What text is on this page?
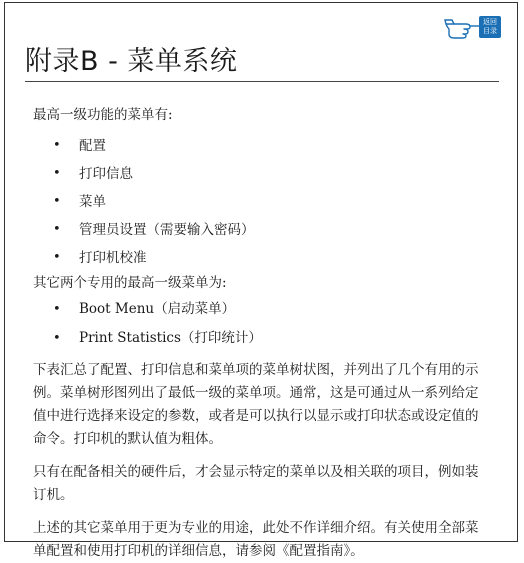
返回
目录
附录B - 菜单系统

最高一级功能的菜单有:

• 配置
• 打印信息
• 菜单
• 管理员设置（需要输入密码）
• 打印机校准

其它两个专用的最高一级菜单为:

• Boot Menu（启动菜单）
• Print Statistics（打印统计）

下表汇总了配置、打印信息和菜单项的菜单树状图，并列出了几个有用的示例。菜单树形图列出了最低一级的菜单项。通常，这是可通过从一系列给定值中进行选择来设定的参数，或者是可以执行以显示或打印状态或设定值的命令。打印机的默认值为粗体。

只有在配备相关的硬件后，才会显示特定的菜单以及相关联的项目，例如装订机。

上述的其它菜单用于更为专业的用途，此处不作详细介绍。有关使用全部菜单配置和使用打印机的详细信息，请参阅《配置指南》。
